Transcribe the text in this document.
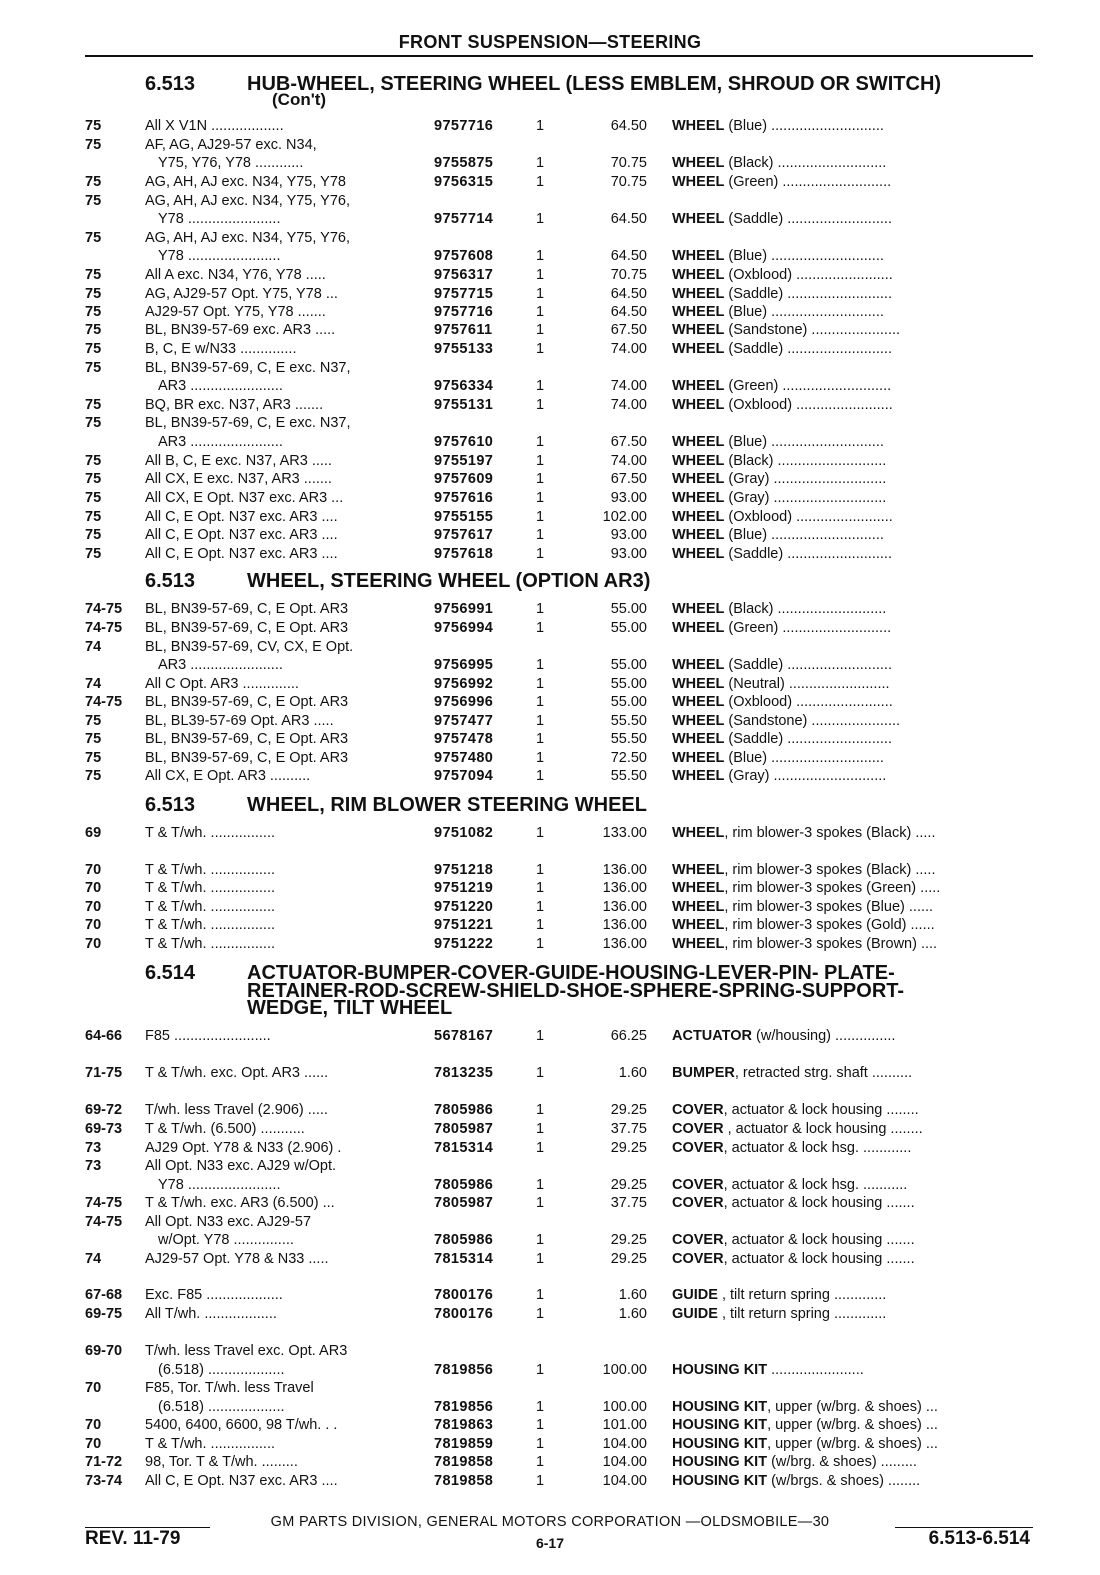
FRONT SUSPENSION—STEERING
6.513	HUB-WHEEL, STEERING WHEEL (LESS EMBLEM, SHROUD OR SWITCH)
(Con't)
6.513	WHEEL, STEERING WHEEL (OPTION AR3)
6.513	WHEEL, RIM BLOWER STEERING WHEEL
6.514	ACTUATOR-BUMPER-COVER-GUIDE-HOUSING-LEVER-PIN- PLATE-
RETAINER-ROD-SCREW-SHIELD-SHOE-SPHERE-SPRING-SUPPORT-
WEDGE, TILT WHEEL
75	All X V1N ..................	9757716	1	64.50 WHEEL (Blue) ............................
75	AF, AG, AJ29-57 exc. N34,
Y75, Y76, Y78 ............	9755875	1	70.75 WHEEL (Black) ...........................
75	AG, AH, AJ exc. N34, Y75, Y78	9756315	1	70.75 WHEEL (Green) ...........................
75	AG, AH, AJ exc. N34, Y75, Y76,
Y78 .......................	9757714	1	64.50 WHEEL (Saddle) ..........................
75	AG, AH, AJ exc. N34, Y75, Y76,
Y78 .......................	9757608	1	64.50 WHEEL (Blue) ............................
75	All A exc. N34, Y76, Y78 .....	9756317	1	70.75 WHEEL (Oxblood) ........................
75	AG, AJ29-57 Opt. Y75, Y78 ...	9757715	1	64.50 WHEEL (Saddle) ..........................
75	AJ29-57 Opt. Y75, Y78 .......	9757716	1	64.50 WHEEL (Blue) ............................
75	BL, BN39-57-69 exc. AR3 .....	9757611	1	67.50 WHEEL (Sandstone) ......................
75	B, C, E w/N33 ..............	9755133	1	74.00 WHEEL (Saddle) ..........................
75	BL, BN39-57-69, C, E exc. N37,
AR3 .......................	9756334	1	74.00 WHEEL (Green) ...........................
75	BQ, BR exc. N37, AR3 .......	9755131	1	74.00 WHEEL (Oxblood) ........................
75	BL, BN39-57-69, C, E exc. N37,
AR3 .......................	9757610	1	67.50 WHEEL (Blue) ............................
75	All B, C, E exc. N37, AR3 .....	9755197	1	74.00 WHEEL (Black) ...........................
75	All CX, E exc. N37, AR3 .......	9757609	1	67.50 WHEEL (Gray) ............................
75	All CX, E Opt. N37 exc. AR3 ...	9757616	1	93.00 WHEEL (Gray) ............................
75	All C, E Opt. N37 exc. AR3 ....	9755155	1	102.00 WHEEL (Oxblood) ........................
75	All C, E Opt. N37 exc. AR3 ....	9757617	1	93.00 WHEEL (Blue) ............................
75	All C, E Opt. N37 exc. AR3 ....	9757618	1	93.00 WHEEL (Saddle) ..........................
74-75 BL, BN39-57-69, C, E Opt. AR3	9756991	1	55.00 WHEEL (Black) ...........................
74-75 BL, BN39-57-69, C, E Opt. AR3	9756994	1	55.00 WHEEL (Green) ...........................
74	BL, BN39-57-69, CV, CX, E Opt.
AR3 .......................	9756995	1	55.00 WHEEL (Saddle) ..........................
74	All C Opt. AR3 ..............	9756992	1	55.00 WHEEL (Neutral) .........................
74-75 BL, BN39-57-69, C, E Opt. AR3	9756996	1	55.00 WHEEL (Oxblood) ........................
75	BL, BL39-57-69 Opt. AR3 .....	9757477	1	55.50 WHEEL (Sandstone) ......................
75	BL, BN39-57-69, C, E Opt. AR3	9757478	1	55.50 WHEEL (Saddle) ..........................
75	BL, BN39-57-69, C, E Opt. AR3	9757480	1	72.50 WHEEL (Blue) ............................
75	All CX, E Opt. AR3 ..........	9757094	1	55.50 WHEEL (Gray) ............................
69	T & T/wh. ................	9751082	1	133.00 WHEEL, rim blower-3 spokes (Black) .....
70	T & T/wh. ................	9751218	1	136.00 WHEEL, rim blower-3 spokes (Black) .....
70	T & T/wh. ................	9751219	1	136.00 WHEEL, rim blower-3 spokes (Green) .....
70	T & T/wh. ................	9751220	1	136.00 WHEEL, rim blower-3 spokes (Blue) ......
70	T & T/wh. ................	9751221	1	136.00 WHEEL, rim blower-3 spokes (Gold) ......
70	T & T/wh. ................	9751222	1	136.00 WHEEL, rim blower-3 spokes (Brown) ....
64-66 F85 ........................	5678167	1	66.25 ACTUATOR (w/housing) ...............
71-75 T & T/wh. exc. Opt. AR3 ......	7813235	1	1.60 BUMPER, retracted strg. shaft ..........
69-72 T/wh. less Travel (2.906) .....	7805986	1	29.25 COVER, actuator & lock housing ........
69-73 T & T/wh. (6.500) ...........	7805987	1	37.75 COVER , actuator & lock housing ........
73	AJ29 Opt. Y78 & N33 (2.906) .	7815314	1	29.25 COVER, actuator & lock hsg. ............
73	All Opt. N33 exc. AJ29 w/Opt.
Y78 .......................	7805986	1	29.25 COVER, actuator & lock hsg. ...........
74-75 T & T/wh. exc. AR3 (6.500) ...	7805987	1	37.75 COVER, actuator & lock housing .......
74-75 All Opt. N33 exc. AJ29-57
w/Opt. Y78 ...............	7805986	1	29.25 COVER, actuator & lock housing .......
74	AJ29-57 Opt. Y78 & N33 .....	7815314	1	29.25 COVER, actuator & lock housing .......
67-68 Exc. F85 ...................	7800176	1	1.60 GUIDE , tilt return spring .............
69-75 All T/wh. ..................	7800176	1	1.60 GUIDE , tilt return spring .............
69-70 T/wh. less Travel exc. Opt. AR3
(6.518) ...................	7819856	1	100.00 HOUSING KIT .......................
70	F85, Tor. T/wh. less Travel
(6.518) ...................	7819856	1	100.00 HOUSING KIT, upper (w/brg. & shoes) ...
70	5400, 6400, 6600, 98 T/wh. . .	7819863	1	101.00 HOUSING KIT, upper (w/brg. & shoes) ...
70	T & T/wh. ................	7819859	1	104.00 HOUSING KIT, upper (w/brg. & shoes) ...
71-72 98, Tor. T & T/wh. .........	7819858	1	104.00 HOUSING KIT (w/brg. & shoes) .........
73-74 All C, E Opt. N37 exc. AR3 ....	7819858	1	104.00 HOUSING KIT (w/brgs. & shoes) ........
GM PARTS DIVISION, GENERAL MOTORS CORPORATION —OLDSMOBILE—30
REV. 11-79	6-17	6.513-6.514
